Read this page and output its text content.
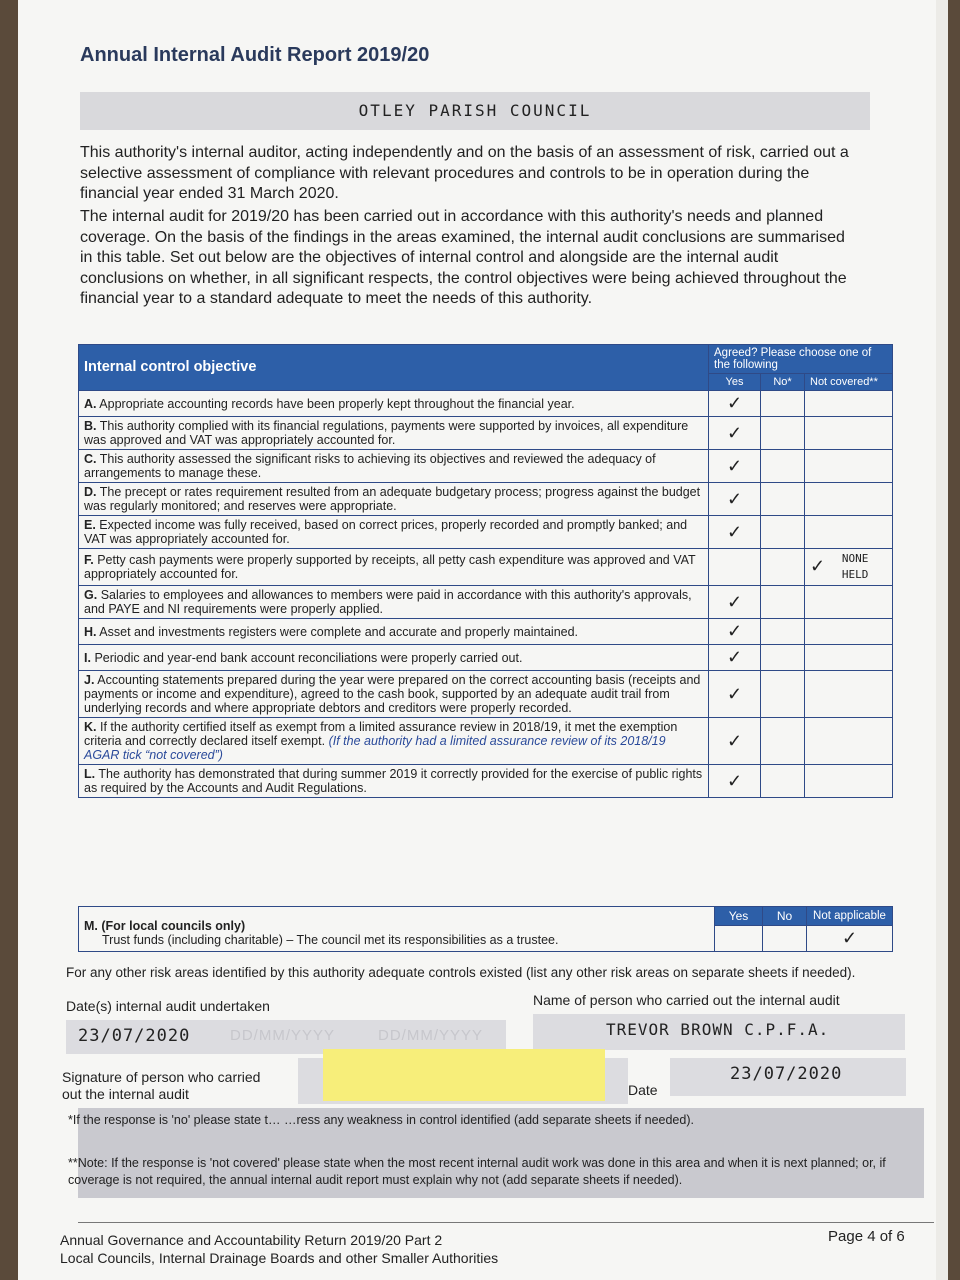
Annual Internal Audit Report 2019/20
OTLEY PARISH COUNCIL
This authority's internal auditor, acting independently and on the basis of an assessment of risk, carried out a selective assessment of compliance with relevant procedures and controls to be in operation during the financial year ended 31 March 2020.
The internal audit for 2019/20 has been carried out in accordance with this authority's needs and planned coverage. On the basis of the findings in the areas examined, the internal audit conclusions are summarised in this table. Set out below are the objectives of internal control and alongside are the internal audit conclusions on whether, in all significant respects, the control objectives were being achieved throughout the financial year to a standard adequate to meet the needs of this authority.
Internal control objective	Agreed? Please choose one of the following		
	Yes	No*	Not covered**
A. Appropriate accounting records have been properly kept throughout the financial year.	✓		
B. This authority complied with its financial regulations, payments were supported by invoices, all expenditure was approved and VAT was appropriately accounted for.	✓		
C. This authority assessed the significant risks to achieving its objectives and reviewed the adequacy of arrangements to manage these.	✓		
D. The precept or rates requirement resulted from an adequate budgetary process; progress against the budget was regularly monitored; and reserves were appropriate.	✓		
E. Expected income was fully received, based on correct prices, properly recorded and promptly banked; and VAT was appropriately accounted for.	✓		
F. Petty cash payments were properly supported by receipts, all petty cash expenditure was approved and VAT appropriately accounted for.			✓ NONE HELD
G. Salaries to employees and allowances to members were paid in accordance with this authority's approvals, and PAYE and NI requirements were properly applied.	✓		
H. Asset and investments registers were complete and accurate and properly maintained.	✓		
I. Periodic and year-end bank account reconciliations were properly carried out.	✓		
J. Accounting statements prepared during the year were prepared on the correct accounting basis (receipts and payments or income and expenditure), agreed to the cash book, supported by an adequate audit trail from underlying records and where appropriate debtors and creditors were properly recorded.	✓		
K. If the authority certified itself as exempt from a limited assurance review in 2018/19, it met the exemption criteria and correctly declared itself exempt. (If the authority had a limited assurance review of its 2018/19 AGAR tick “not covered”)	✓		
L. The authority has demonstrated that during summer 2019 it correctly provided for the exercise of public rights as required by the Accounts and Audit Regulations.	✓		
M. (For local councils only)
Trust funds (including charitable) – The council met its responsibilities as a trustee.	Yes	No	Not applicable
			✓
For any other risk areas identified by this authority adequate controls existed (list any other risk areas on separate sheets if needed).
Date(s) internal audit undertaken	Name of person who carried out the internal audit
23/07/2020	DD/MM/YYYY	DD/MM/YYYY	TREVOR BROWN C.P.F.A.
Signature of person who carried out the internal audit	Date
23/07/2020
*If the response is 'no' please state t… …ress any weakness in control identified (add separate sheets if needed).
**Note: If the response is 'not covered' please state when the most recent internal audit work was done in this area and when it is next planned; or, if coverage is not required, the annual internal audit report must explain why not (add separate sheets if needed).
Annual Governance and Accountability Return 2019/20 Part 2
Local Councils, Internal Drainage Boards and other Smaller Authorities
Page 4 of 6
